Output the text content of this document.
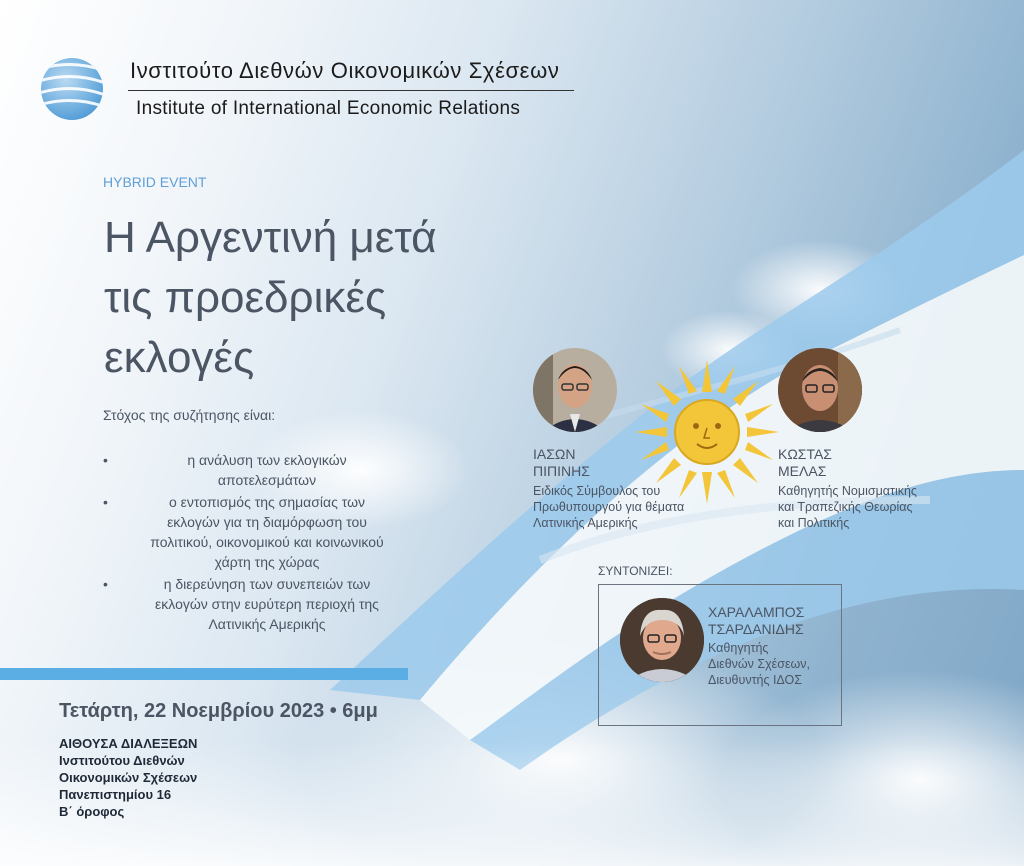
Ινστιτούτο Διεθνών Οικονομικών Σχέσεων
Institute of International Economic Relations
HYBRID EVENT
Η Αργεντινή μετά
τις προεδρικές
εκλογές
Στόχος της συζήτησης είναι:
•	η ανάλυση των εκλογικών
αποτελεσμάτων
•	ο εντοπισμός της σημασίας των
εκλογών για τη διαμόρφωση του
πολιτικού, οικονομικού και κοινωνικού
χάρτη της χώρας
•	η διερεύνηση των συνεπειών των
εκλογών στην ευρύτερη περιοχή της
Λατινικής Αμερικής
Τετάρτη, 22 Νοεμβρίου 2023 • 6μμ
ΑΙΘΟΥΣΑ ΔΙΑΛΕΞΕΩΝ
Ινστιτούτου Διεθνών
Οικονομικών Σχέσεων
Πανεπιστημίου 16
Β΄ όροφος
ΙΑΣΩΝ
ΠΙΠΙΝΗΣ
Ειδικός Σύμβουλος του
Πρωθυπουργού για θέματα
Λατινικής Αμερικής
ΚΩΣΤΑΣ
ΜΕΛΑΣ
Καθηγητής Νομισματικής
και Τραπεζικής Θεωρίας
και Πολιτικής
ΣΥΝΤΟΝΙΖΕΙ:
ΧΑΡΑΛΑΜΠΟΣ
ΤΣΑΡΔΑΝΙΔΗΣ
Καθηγητής
Διεθνών Σχέσεων,
Διευθυντής ΙΔΟΣ
